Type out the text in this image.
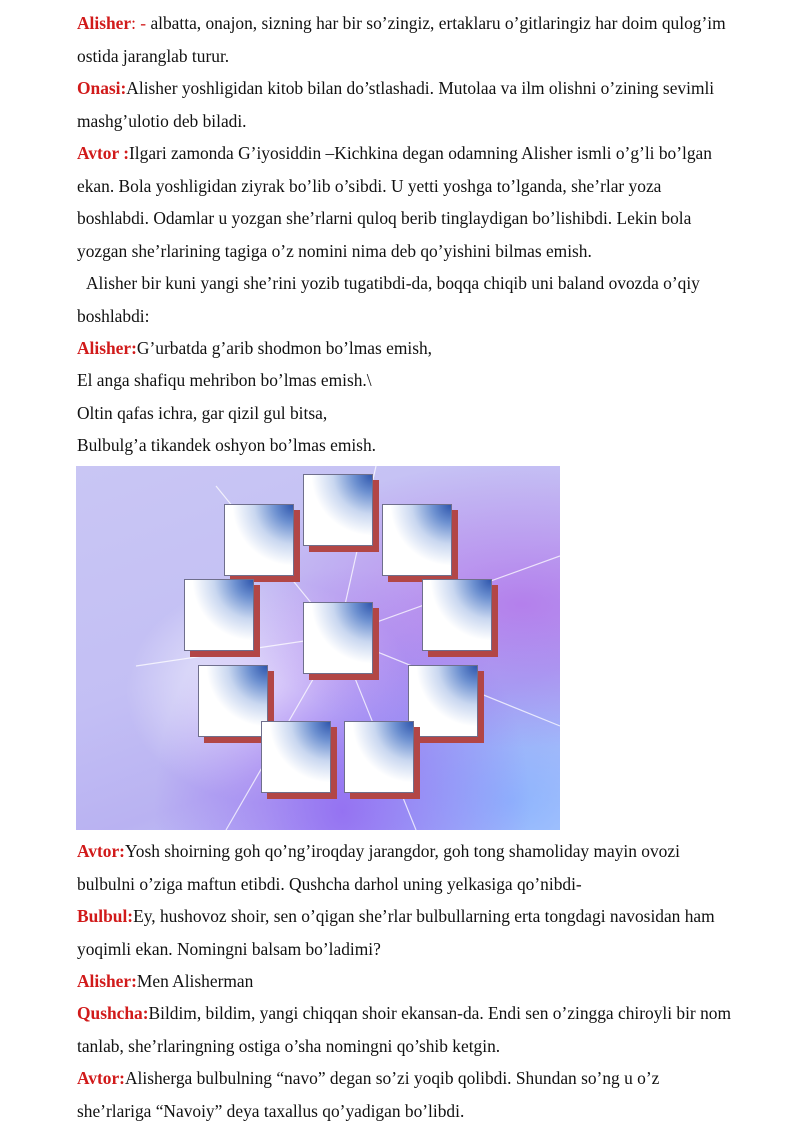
Alisher: - albatta, onajon, sizning har bir so’zingiz, ertaklaru o’gitlaringiz har doim qulog’im ostida jaranglab turur.

Onasi:Alisher yoshligidan kitob bilan do’stlashadi. Mutolaa va ilm olishni o’zining sevimli mashg’ulotio deb biladi.

Avtor :Ilgari zamonda G’iyosiddin –Kichkina degan odamning Alisher ismli o’g’li bo’lgan ekan. Bola yoshligidan ziyrak bo’lib o’sibdi. U yetti yoshga to’lganda, she’rlar yoza boshlabdi. Odamlar u yozgan she’rlarni quloq berib tinglaydigan bo’lishibdi. Lekin bola yozgan she’rlarining tagiga o’z nomini nima deb qo’yishini bilmas emish.

Alisher bir kuni yangi she’rini yozib tugatibdi-da, boqqa chiqib uni baland ovozda o’qiy boshlabdi:

Alisher:G’urbatda g’arib shodmon bo’lmas emish,

El anga shafiqu mehribon bo’lmas emish.\

Oltin qafas ichra, gar qizil gul bitsa,

Bulbulg’a tikandek oshyon bo’lmas emish.

Avtor:Yosh shoirning goh qo’ng’iroqday jarangdor, goh tong shamoliday mayin ovozi bulbulni o’ziga maftun etibdi. Qushcha darhol uning yelkasiga qo’nibdi-

Bulbul:Ey, hushovoz shoir, sen o’qigan she’rlar bulbullarning erta tongdagi navosidan ham yoqimli ekan. Nomingni balsam bo’ladimi?

Alisher:Men Alisherman

Qushcha:Bildim, bildim, yangi chiqqan shoir ekansan-da. Endi sen o’zingga chiroyli bir nom tanlab, she’rlaringning ostiga o’sha nomingni qo’shib ketgin.

Avtor:Alisherga bulbulning “navo” degan so’zi yoqib qolibdi. Shundan so’ng u o’z she’rlariga “Navoiy” deya taxallus qo’yadigan bo’libdi.
